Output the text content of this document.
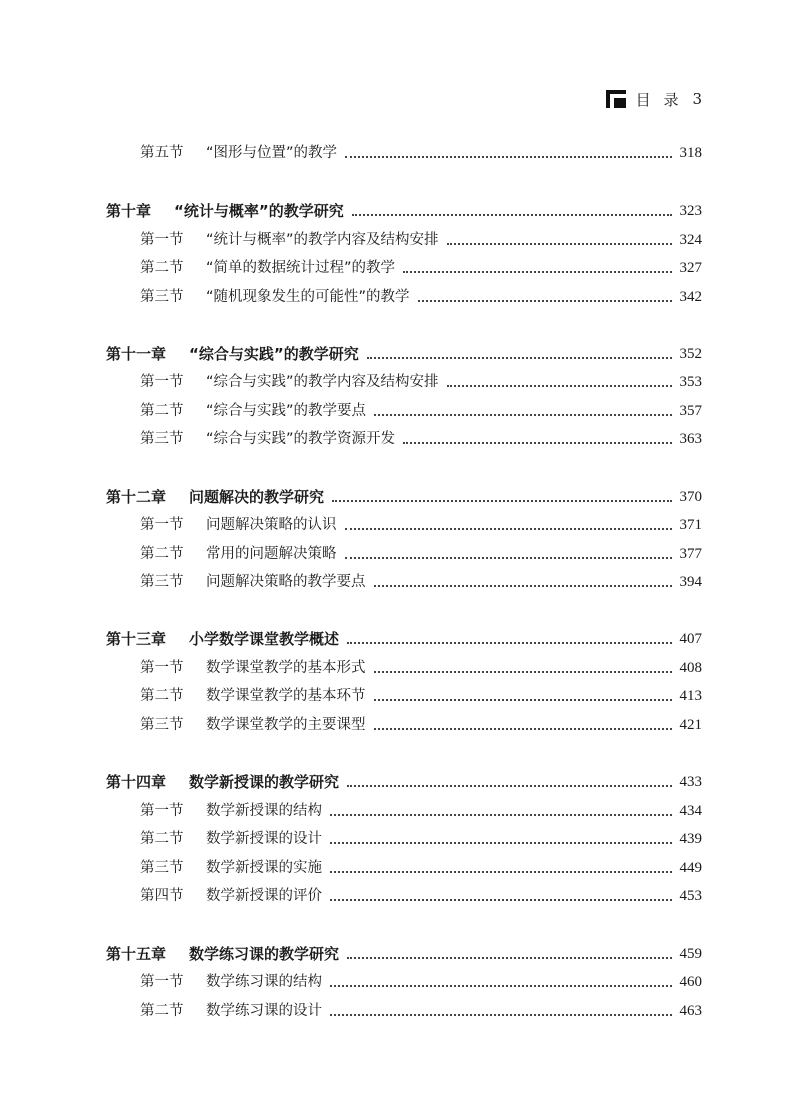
目 录 3
第五节  “图形与位置”的教学	318
第十章  “统计与概率”的教学研究	323
第一节  “统计与概率”的教学内容及结构安排	324
第二节  “简单的数据统计过程”的教学	327
第三节  “随机现象发生的可能性”的教学	342
第十一章  “综合与实践”的教学研究	352
第一节  “综合与实践”的教学内容及结构安排	353
第二节  “综合与实践”的教学要点	357
第三节  “综合与实践”的教学资源开发	363
第十二章  问题解决的教学研究	370
第一节  问题解决策略的认识	371
第二节  常用的问题解决策略	377
第三节  问题解决策略的教学要点	394
第十三章  小学数学课堂教学概述	407
第一节  数学课堂教学的基本形式	408
第二节  数学课堂教学的基本环节	413
第三节  数学课堂教学的主要课型	421
第十四章  数学新授课的教学研究	433
第一节  数学新授课的结构	434
第二节  数学新授课的设计	439
第三节  数学新授课的实施	449
第四节  数学新授课的评价	453
第十五章  数学练习课的教学研究	459
第一节  数学练习课的结构	460
第二节  数学练习课的设计	463
